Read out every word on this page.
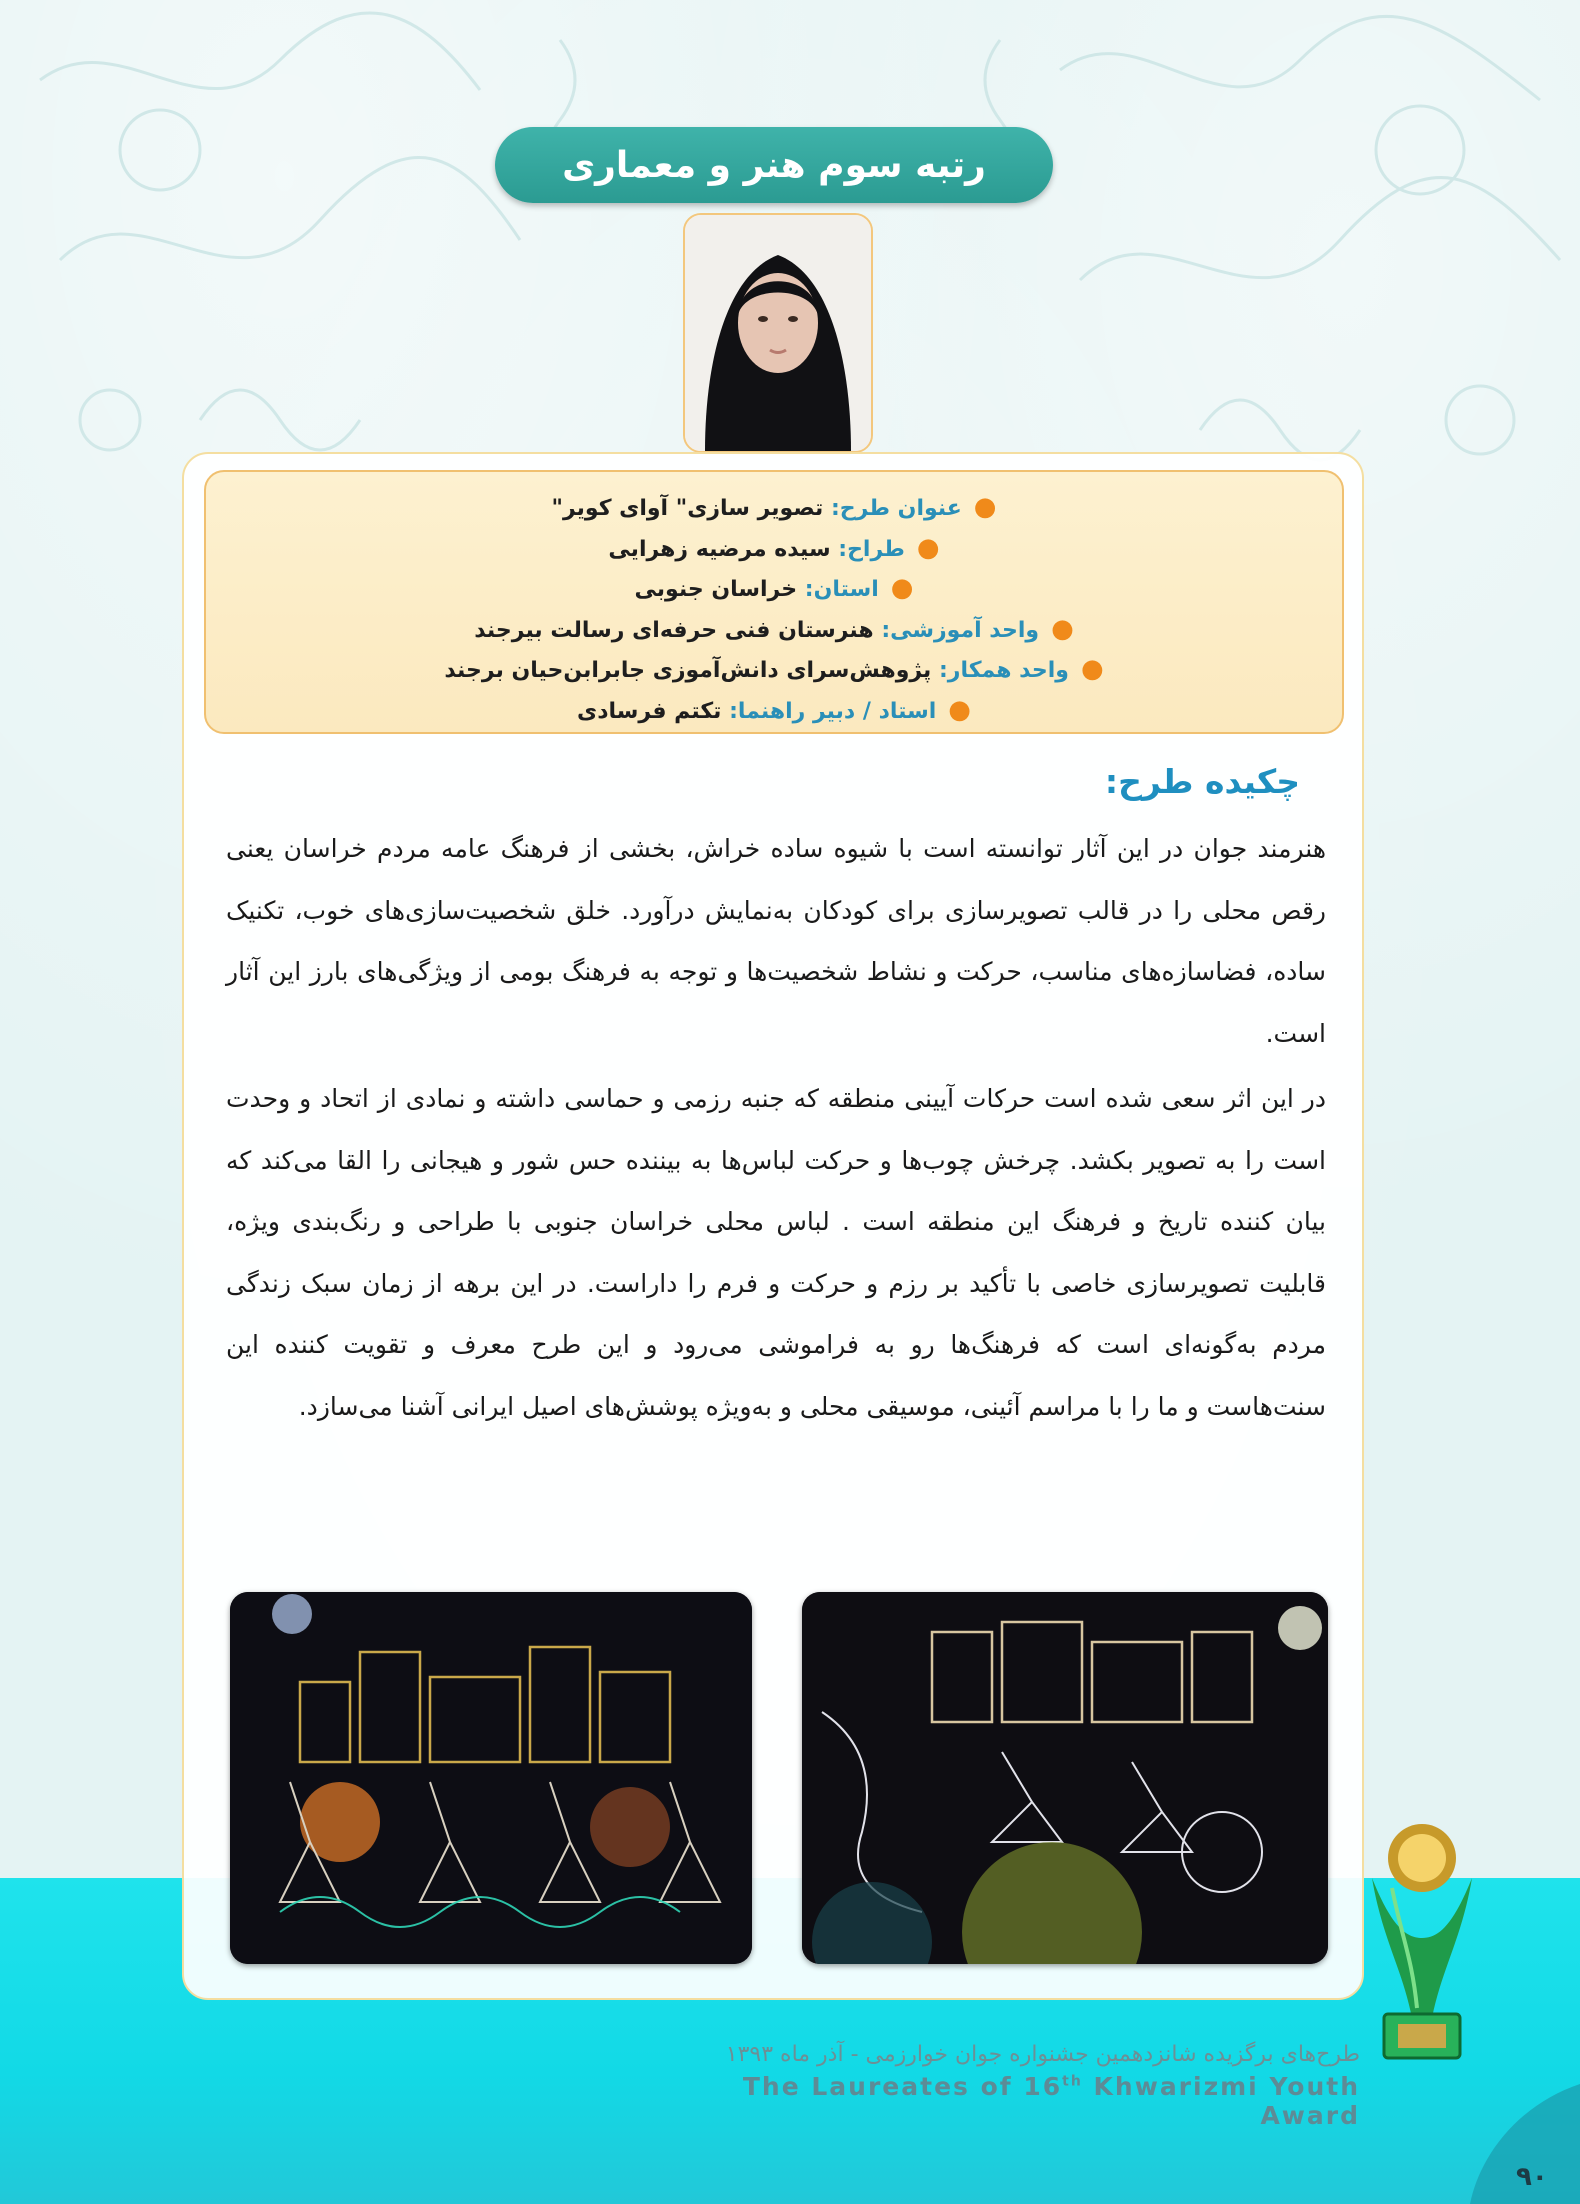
رتبه سوم هنر و معماری
●عنوان طرح: تصویر سازی" آوای کویر"
●طراح: سیده مرضیه زهرایی
●استان: خراسان جنوبی
●واحد آموزشی: هنرستان فنی حرفه‌ای رسالت بیرجند
●واحد همکار: پژوهش‌سرای دانش‌آموزی جابرابن‌حیان برجند
●استاد / دبیر راهنما: تکتم فرسادی
چکیده طرح:

هنرمند جوان در این آثار توانسته است با شیوه ساده خراش، بخشی از فرهنگ عامه مردم خراسان یعنی رقص محلی را در قالب تصویرسازی برای کودکان به‌نمایش درآورد. خلق شخصیت‌سازی‌های خوب، تکنیک ساده، فضاسازه‌های مناسب، حرکت و نشاط شخصیت‌ها و توجه به فرهنگ بومی از ویژگی‌های بارز این آثار است.

در این اثر سعی شده است حرکات آیینی منطقه که جنبه رزمی و حماسی داشته و نمادی از اتحاد و وحدت است را به تصویر بکشد. چرخش چوب‌ها و حرکت لباس‌ها به بیننده حس شور و هیجانی را القا می‌کند که بیان کننده تاریخ و فرهنگ این منطقه است . لباس محلی خراسان جنوبی با طراحی و رنگ‌بندی ویژه، قابلیت تصویرسازی خاصی با تأکید بر رزم و حرکت و فرم را داراست. در این برهه از زمان سبک زندگی مردم به‌گونه‌ای است که فرهنگ‌ها رو به فراموشی می‌رود و این طرح معرف و تقویت کننده این سنت‌هاست و ما را با مراسم آئینی، موسیقی محلی و به‌ویژه پوشش‌های اصیل ایرانی آشنا می‌سازد.

طرح‌های برگزیده شانزدهمین جشنواره جوان خوارزمی - آذر ماه ۱۳۹۳
The Laureates of 16th Khwarizmi Youth Award
۹۰
